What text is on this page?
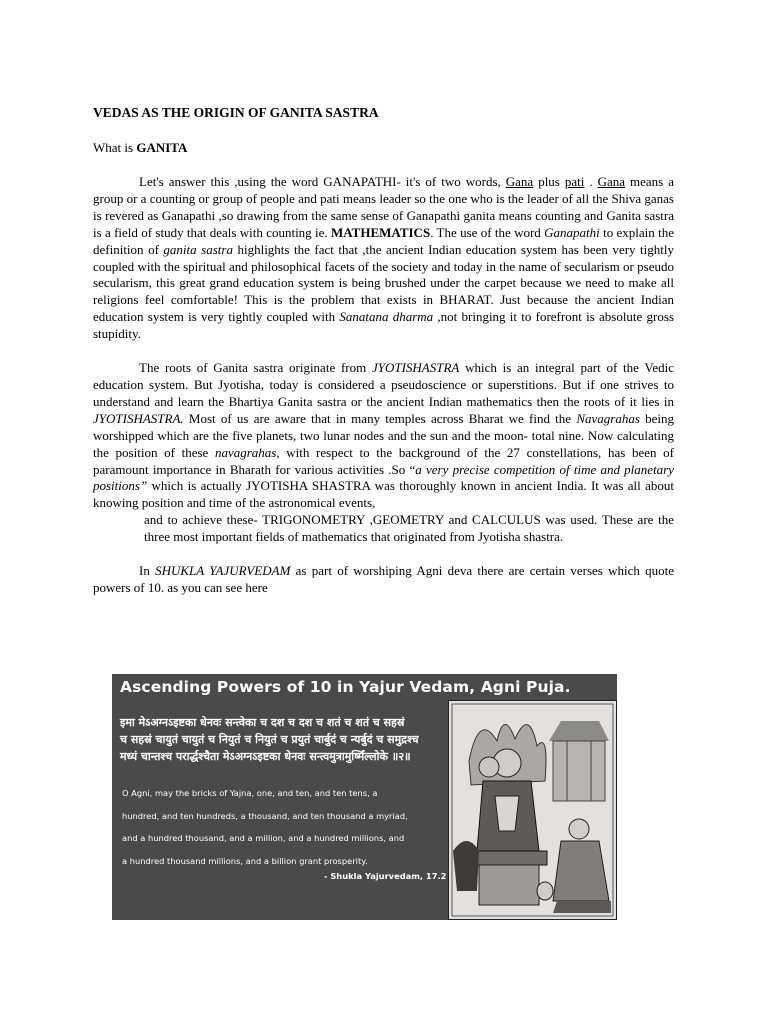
VEDAS AS THE ORIGIN OF GANITA SASTRA

What is GANITA

Let's answer this ,using the word GANAPATHI- it's of two words, Gana plus pati . Gana means a group or a counting or group of people and pati means leader so the one who is the leader of all the Shiva ganas is revered as Ganapathi ,so drawing from the same sense of Ganapathi ganita means counting and Ganita sastra is a field of study that deals with counting ie. MATHEMATICS. The use of the word Ganapathi to explain the definition of ganita sastra highlights the fact that ,the ancient Indian education system has been very tightly coupled with the spiritual and philosophical facets of the society and today in the name of secularism or pseudo secularism, this great grand education system is being brushed under the carpet because we need to make all religions feel comfortable! This is the problem that exists in BHARAT. Just because the ancient Indian education system is very tightly coupled with Sanatana dharma ,not bringing it to forefront is absolute gross stupidity.

The roots of Ganita sastra originate from JYOTISHASTRA which is an integral part of the Vedic education system. But Jyotisha, today is considered a pseudoscience or superstitions. But if one strives to understand and learn the Bhartiya Ganita sastra or the ancient Indian mathematics then the roots of it lies in JYOTISHASTRA. Most of us are aware that in many temples across Bharat we find the Navagrahas being worshipped which are the five planets, two lunar nodes and the sun and the moon- total nine. Now calculating the position of these navagrahas, with respect to the background of the 27 constellations, has been of paramount importance in Bharath for various activities .So “a very precise competition of time and planetary positions” which is actually JYOTISHA SHASTRA was thoroughly known in ancient India. It was all about knowing position and time of the astronomical events,

and to achieve these- TRIGONOMETRY ,GEOMETRY and CALCULUS was used. These are the three most important fields of mathematics that originated from Jyotisha shastra.

In SHUKLA YAJURVEDAM as part of worshiping Agni deva there are certain verses which quote powers of 10. as you can see here

Ascending Powers of 10 in Yajur Vedam, Agni Puja.
इमा मेऽअग्नऽइष्टका धेनवः सन्त्वेका च दश च दश च शतं च शतं च सहस्रं
च सहस्रं चायुतं चायुतं च नियुतं च नियुतं च प्रयुतं चार्बुदं च न्यर्बुदं च समुद्रश्च
मध्यं चान्तश्च परार्द्धश्चैता मेऽअग्नऽइष्टका धेनवः सन्त्वमुत्रामुष्मिँल्लोके ॥२॥
O Agni, may the bricks of Yajna, one, and ten, and ten tens, a
hundred, and ten hundreds, a thousand, and ten thousand a myriad,
and a hundred thousand, and a million, and a hundred millions, and
a hundred thousand millions, and a billion grant prosperity.
- Shukla Yajurvedam, 17.2
